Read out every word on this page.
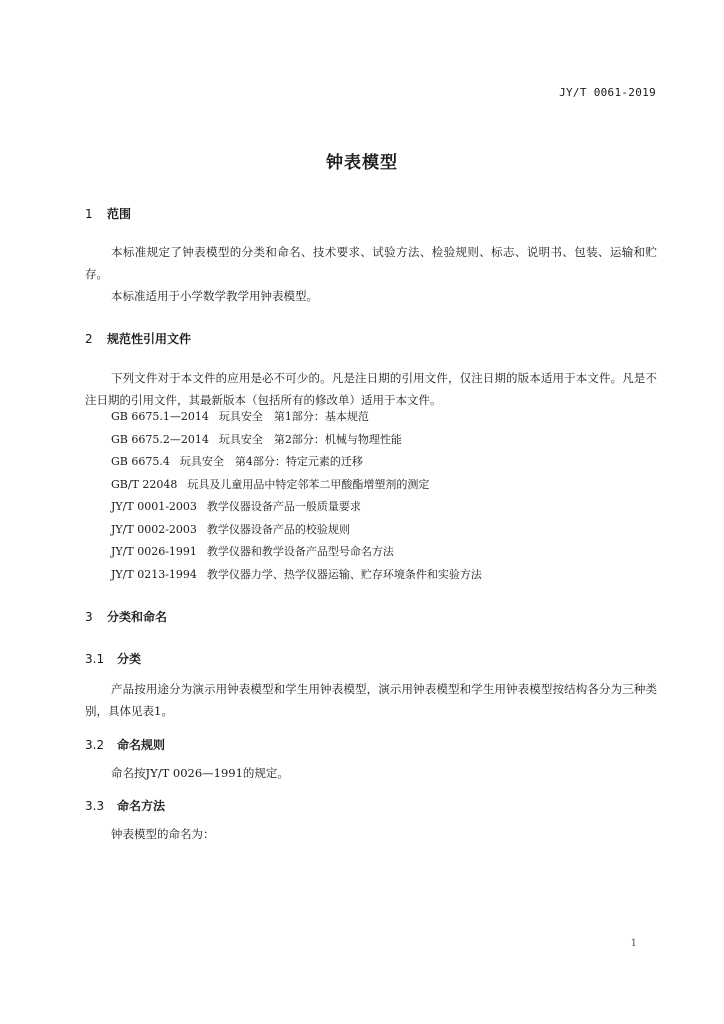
JY/T 0061-2019
钟表模型
1 范围
本标准规定了钟表模型的分类和命名、技术要求、试验方法、检验规则、标志、说明书、包装、运输和贮存。
本标准适用于小学数学教学用钟表模型。
2 规范性引用文件
下列文件对于本文件的应用是必不可少的。凡是注日期的引用文件，仅注日期的版本适用于本文件。凡是不注日期的引用文件，其最新版本（包括所有的修改单）适用于本文件。
GB 6675.1—2014 玩具安全　第1部分：基本规范
GB 6675.2—2014 玩具安全　第2部分：机械与物理性能
GB 6675.4 玩具安全　第4部分：特定元素的迁移
GB/T 22048 玩具及儿童用品中特定邻苯二甲酸酯增塑剂的测定
JY/T 0001-2003 教学仪器设备产品一般质量要求
JY/T 0002-2003 教学仪器设备产品的校验规则
JY/T 0026-1991 教学仪器和教学设备产品型号命名方法
JY/T 0213-1994 教学仪器力学、热学仪器运输、贮存环境条件和实验方法
3 分类和命名
3.1 分类
产品按用途分为演示用钟表模型和学生用钟表模型，演示用钟表模型和学生用钟表模型按结构各分为三种类别，具体见表1。
3.2 命名规则
命名按JY/T 0026—1991的规定。
3.3 命名方法
钟表模型的命名为：
1
